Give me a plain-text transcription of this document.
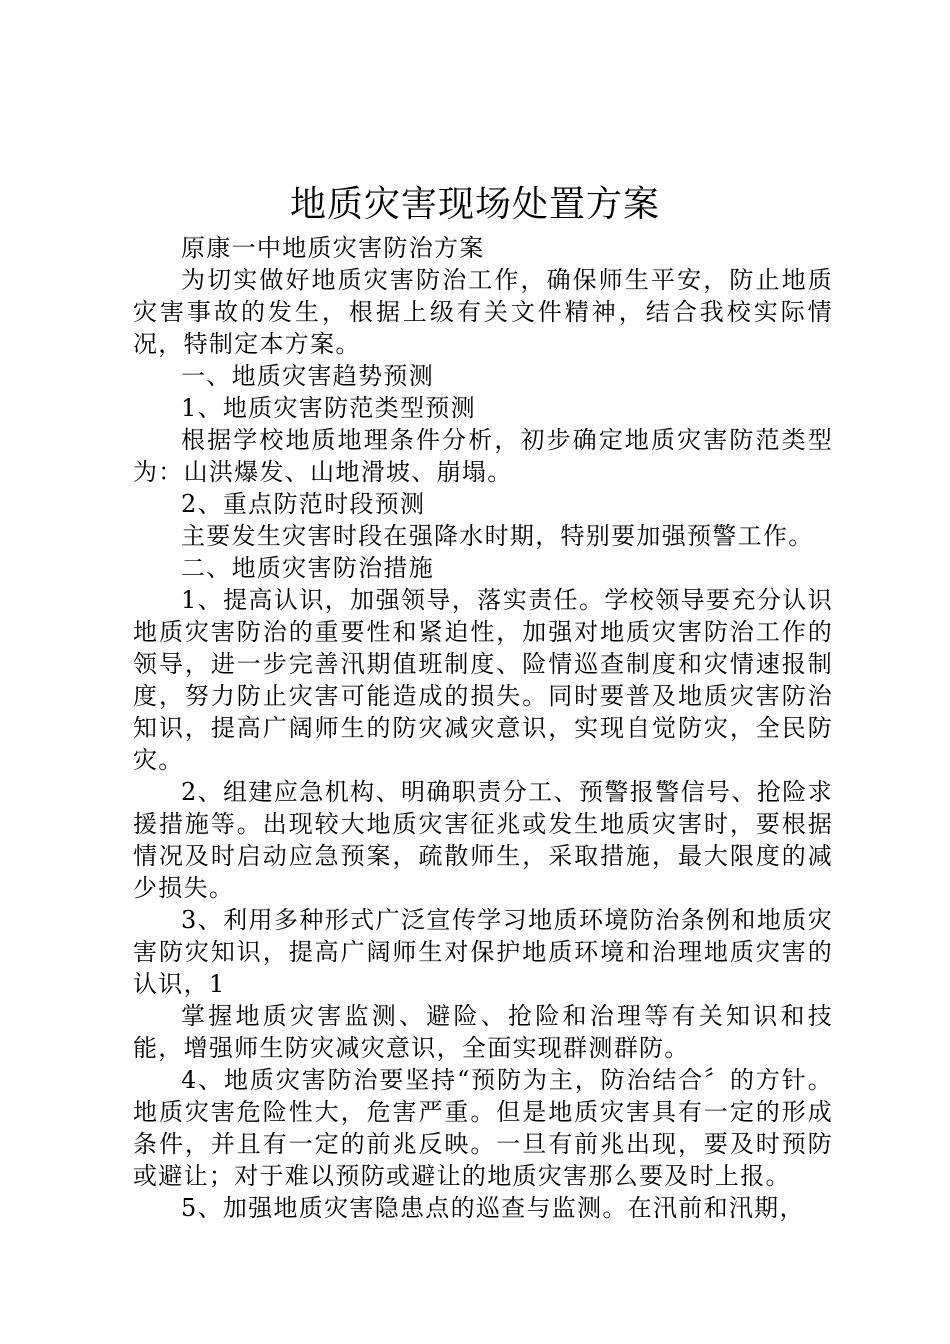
地质灾害现场处置方案

原康一中地质灾害防治方案

为切实做好地质灾害防治工作，确保师生平安，防止地质灾害事故的发生，根据上级有关文件精神，结合我校实际情况，特制定本方案。

一、地质灾害趋势预测

1、地质灾害防范类型预测

根据学校地质地理条件分析，初步确定地质灾害防范类型为：山洪爆发、山地滑坡、崩塌。

2、重点防范时段预测

主要发生灾害时段在强降水时期，特别要加强预警工作。

二、地质灾害防治措施

1、提高认识，加强领导，落实责任。学校领导要充分认识地质灾害防治的重要性和紧迫性，加强对地质灾害防治工作的领导，进一步完善汛期值班制度、险情巡查制度和灾情速报制度，努力防止灾害可能造成的损失。同时要普及地质灾害防治知识，提高广阔师生的防灾减灾意识，实现自觉防灾，全民防灾。

2、组建应急机构、明确职责分工、预警报警信号、抢险求援措施等。出现较大地质灾害征兆或发生地质灾害时，要根据情况及时启动应急预案，疏散师生，采取措施，最大限度的减少损失。

3、利用多种形式广泛宣传学习地质环境防治条例和地质灾害防灾知识，提高广阔师生对保护地质环境和治理地质灾害的认识，1

掌握地质灾害监测、避险、抢险和治理等有关知识和技能，增强师生防灾减灾意识，全面实现群测群防。

4、地质灾害防治要坚持“预防为主，防治结合〞的方针。地质灾害危险性大，危害严重。但是地质灾害具有一定的形成条件，并且有一定的前兆反映。一旦有前兆出现，要及时预防或避让；对于难以预防或避让的地质灾害那么要及时上报。

5、加强地质灾害隐患点的巡查与监测。在汛前和汛期，
